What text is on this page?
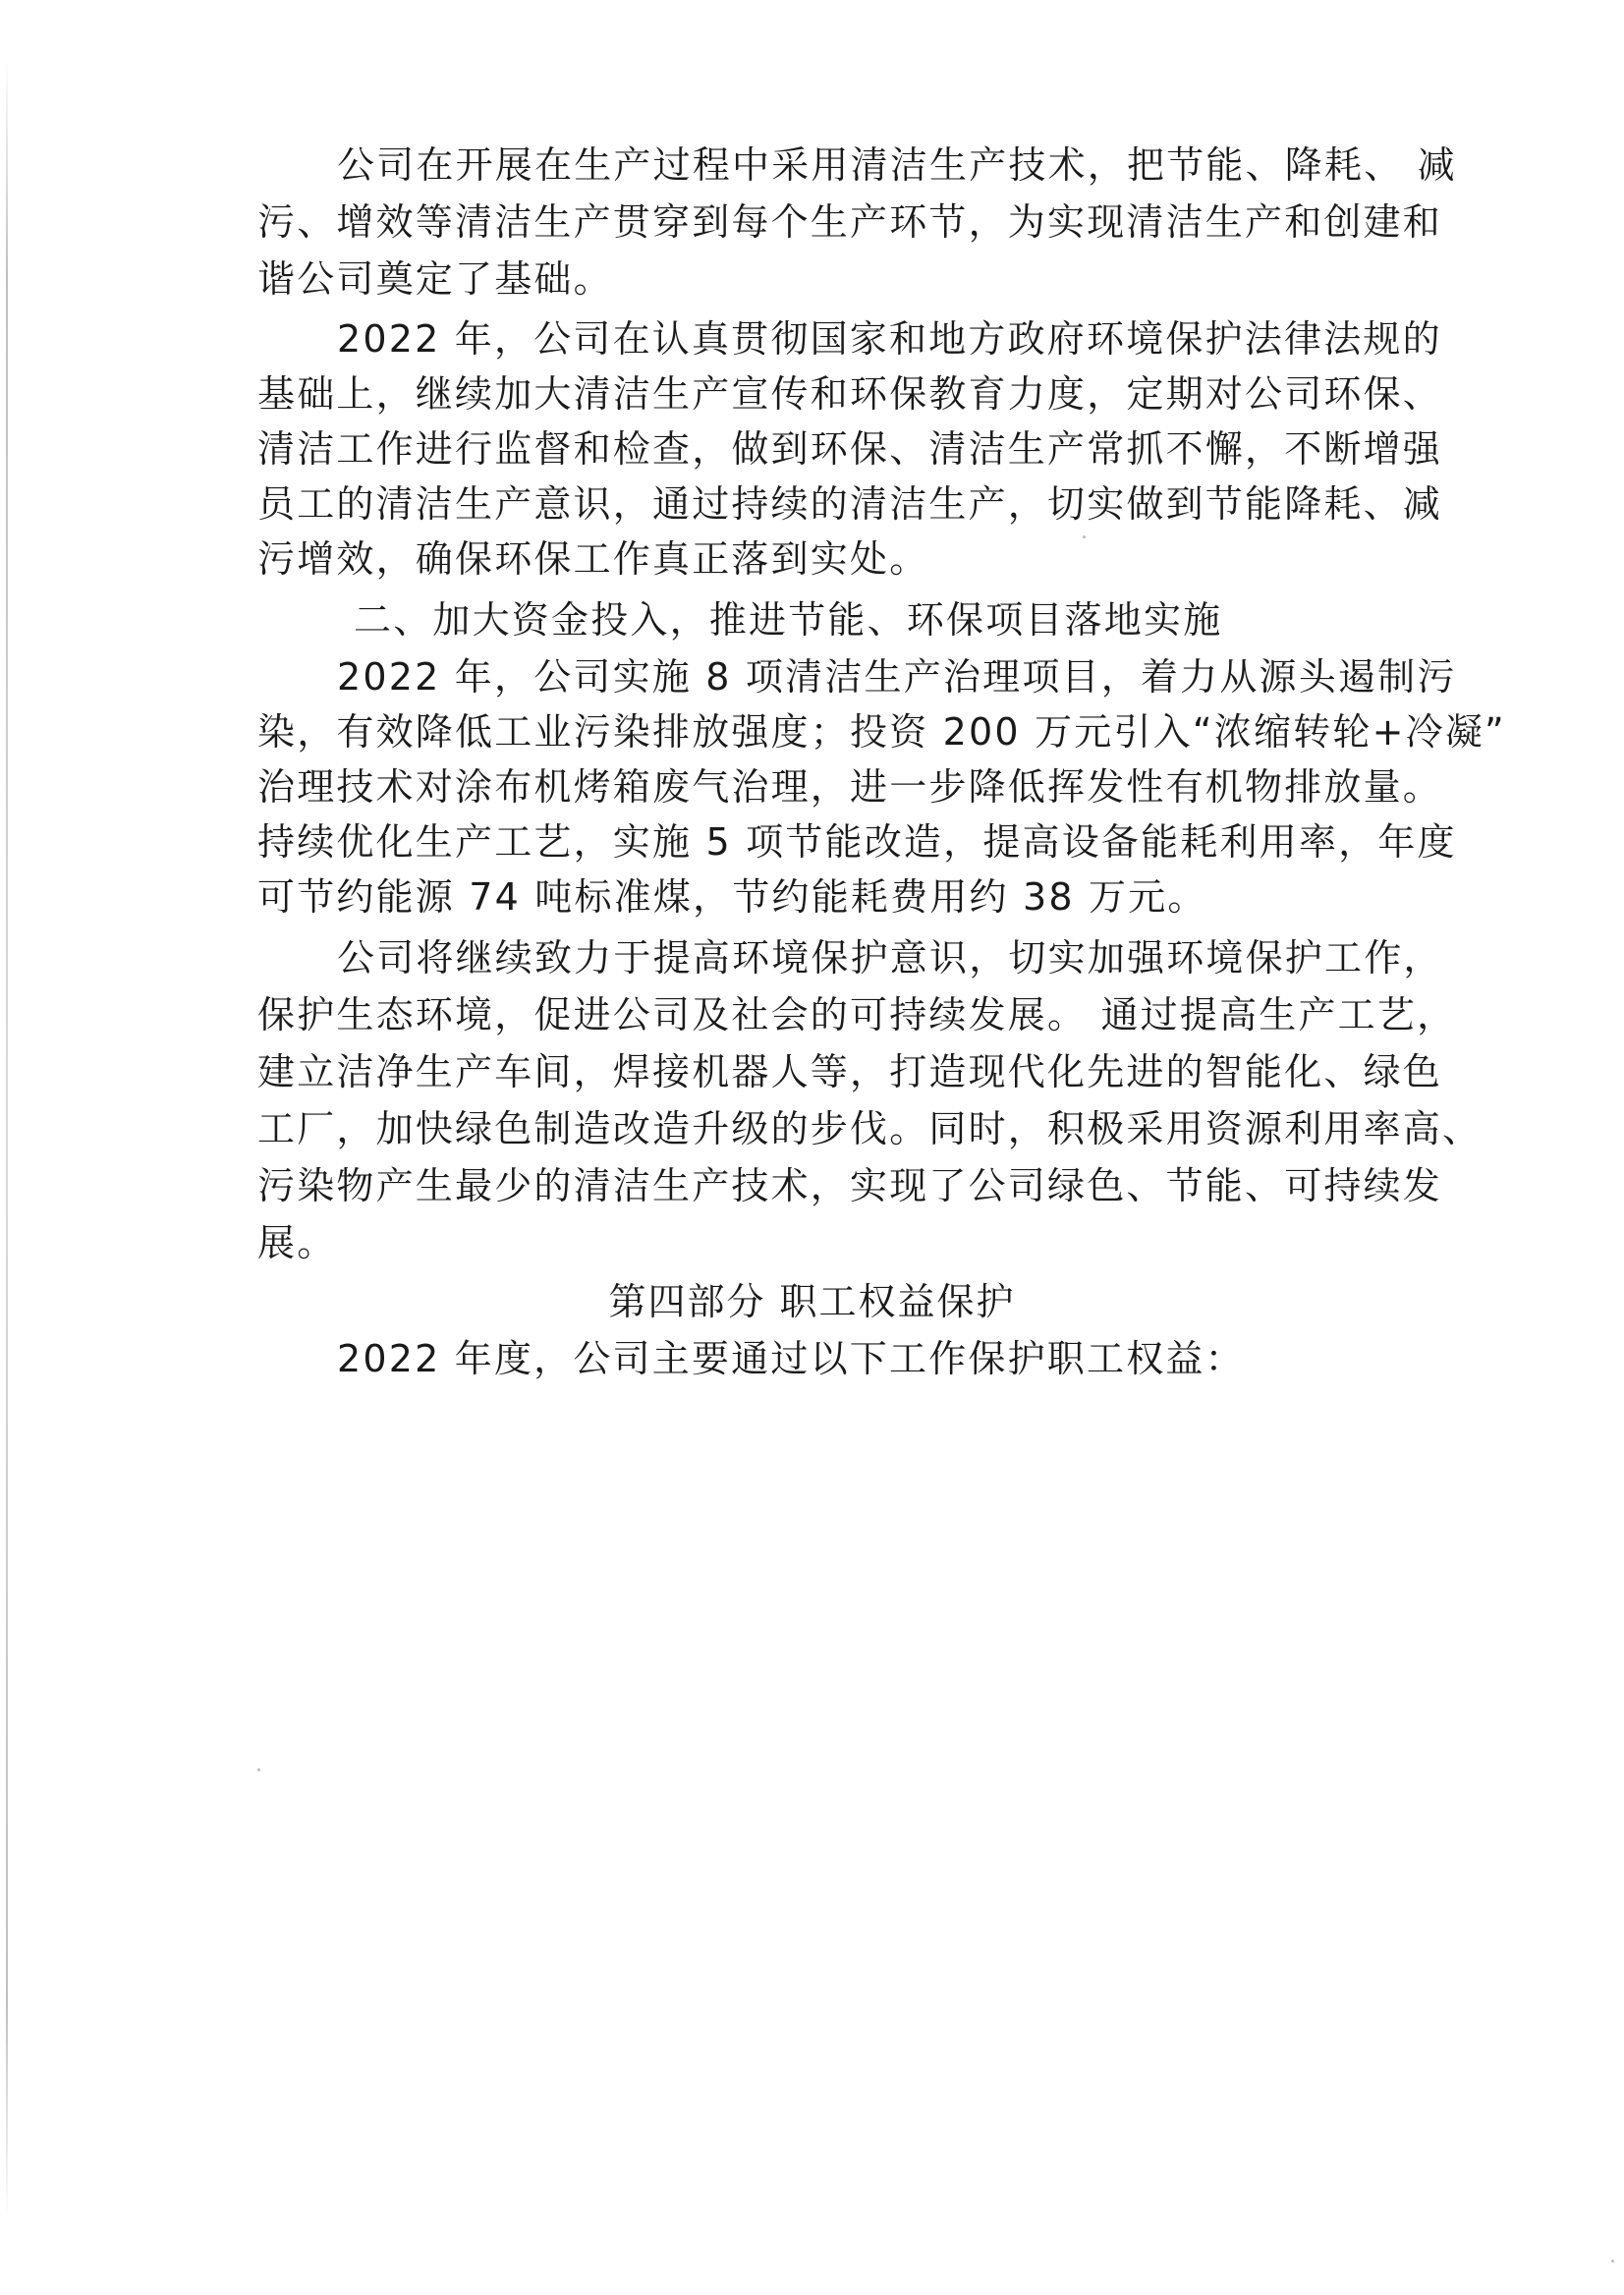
公司在开展在生产过程中采用清洁生产技术，把节能、降耗、 减
污、增效等清洁生产贯穿到每个生产环节，为实现清洁生产和创建和
谐公司奠定了基础。
2022 年，公司在认真贯彻国家和地方政府环境保护法律法规的
基础上，继续加大清洁生产宣传和环保教育力度，定期对公司环保、
清洁工作进行监督和检查，做到环保、清洁生产常抓不懈，不断增强
员工的清洁生产意识，通过持续的清洁生产，切实做到节能降耗、减
污增效，确保环保工作真正落到实处。
二、加大资金投入，推进节能、环保项目落地实施
2022 年，公司实施 8 项清洁生产治理项目，着力从源头遏制污
染，有效降低工业污染排放强度；投资 200 万元引入“浓缩转轮+冷凝”
治理技术对涂布机烤箱废气治理，进一步降低挥发性有机物排放量。
持续优化生产工艺，实施 5 项节能改造，提高设备能耗利用率，年度
可节约能源 74 吨标准煤，节约能耗费用约 38 万元。
公司将继续致力于提高环境保护意识，切实加强环境保护工作，
保护生态环境，促进公司及社会的可持续发展。 通过提高生产工艺，
建立洁净生产车间，焊接机器人等，打造现代化先进的智能化、绿色
工厂，加快绿色制造改造升级的步伐。同时，积极采用资源利用率高、
污染物产生最少的清洁生产技术，实现了公司绿色、节能、可持续发
展。
第四部分 职工权益保护
2022 年度，公司主要通过以下工作保护职工权益：
